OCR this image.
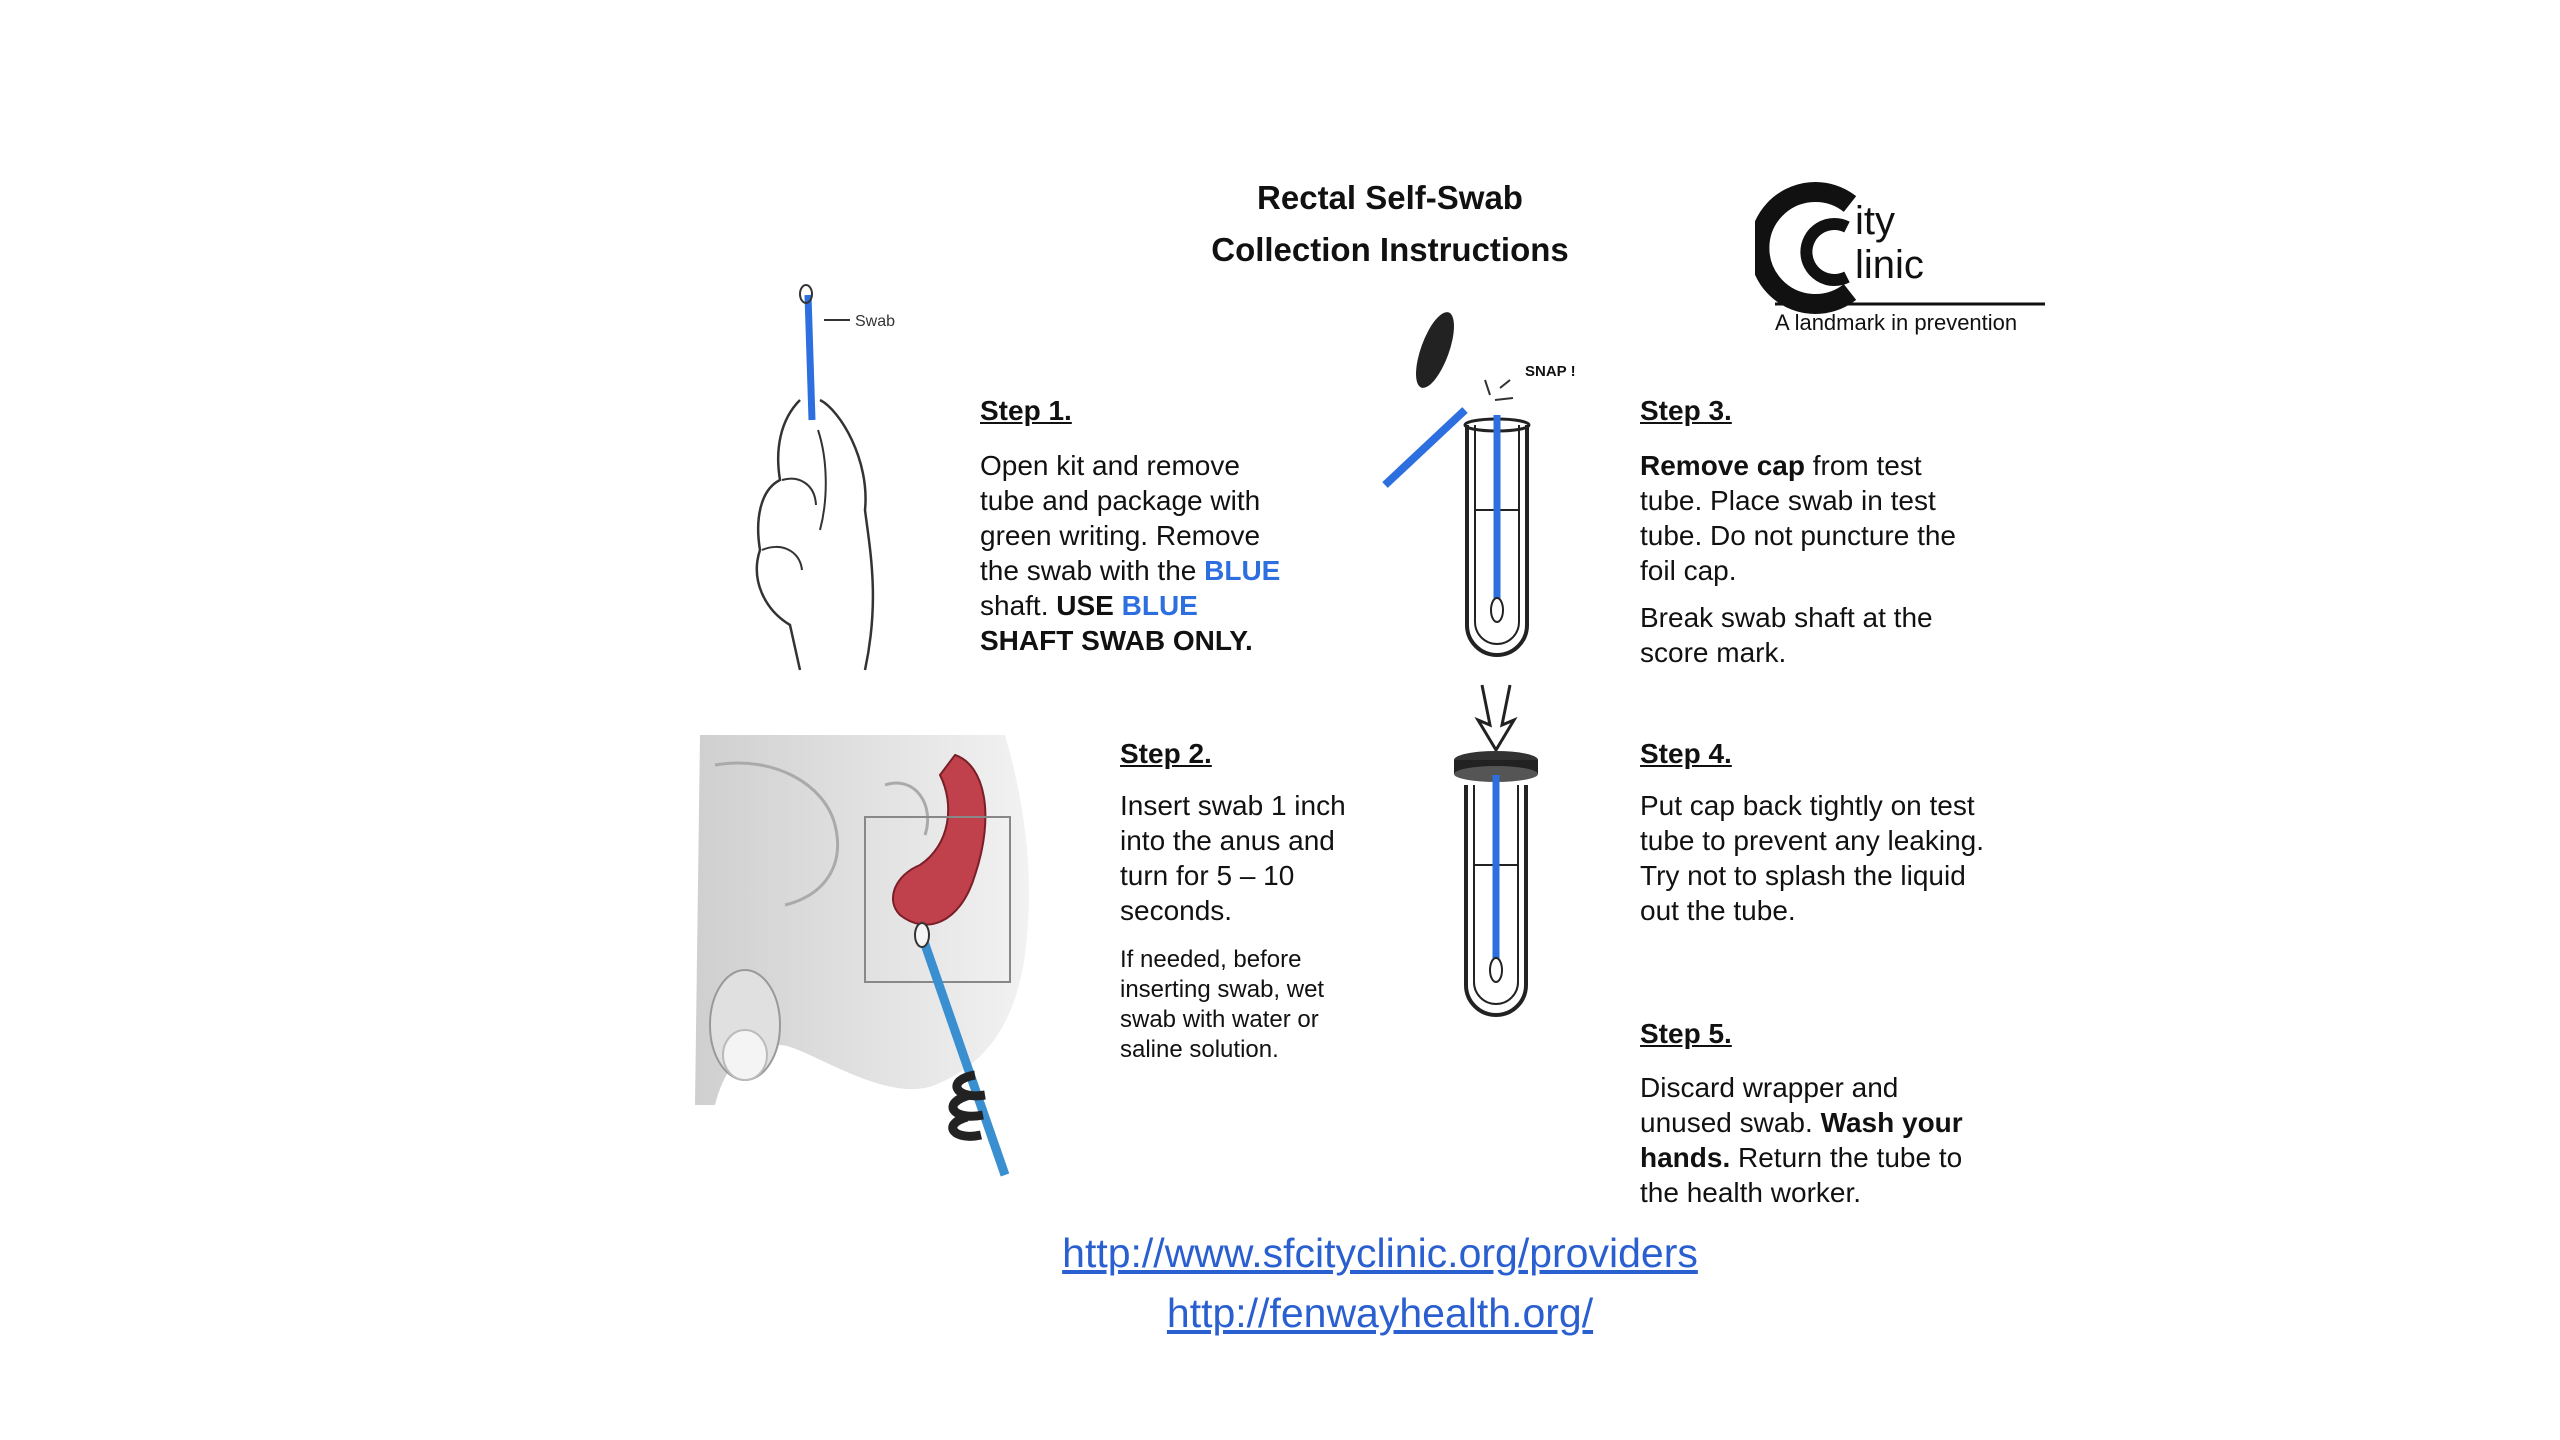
Rectal Self-Swab
Collection Instructions
ity
linic
A landmark in prevention
Swab
Step 1.
Open kit and remove
tube and package with
green writing. Remove
the swab with the BLUE
shaft. USE BLUE
SHAFT SWAB ONLY.
Step 2.
Insert swab 1 inch
into the anus and
turn for 5 – 10
seconds.
If needed, before
inserting swab, wet
swab with water or
saline solution.
SNAP !
Step 3.
Remove cap from test
tube. Place swab in test
tube. Do not puncture the
foil cap.
Break swab shaft at the
score mark.
Step 4.
Put cap back tightly on test
tube to prevent any leaking.
Try not to splash the liquid
out the tube.
Step 5.
Discard wrapper and
unused swab. Wash your
hands. Return the tube to
the health worker.
http://www.sfcityclinic.org/providers
http://fenwayhealth.org/
